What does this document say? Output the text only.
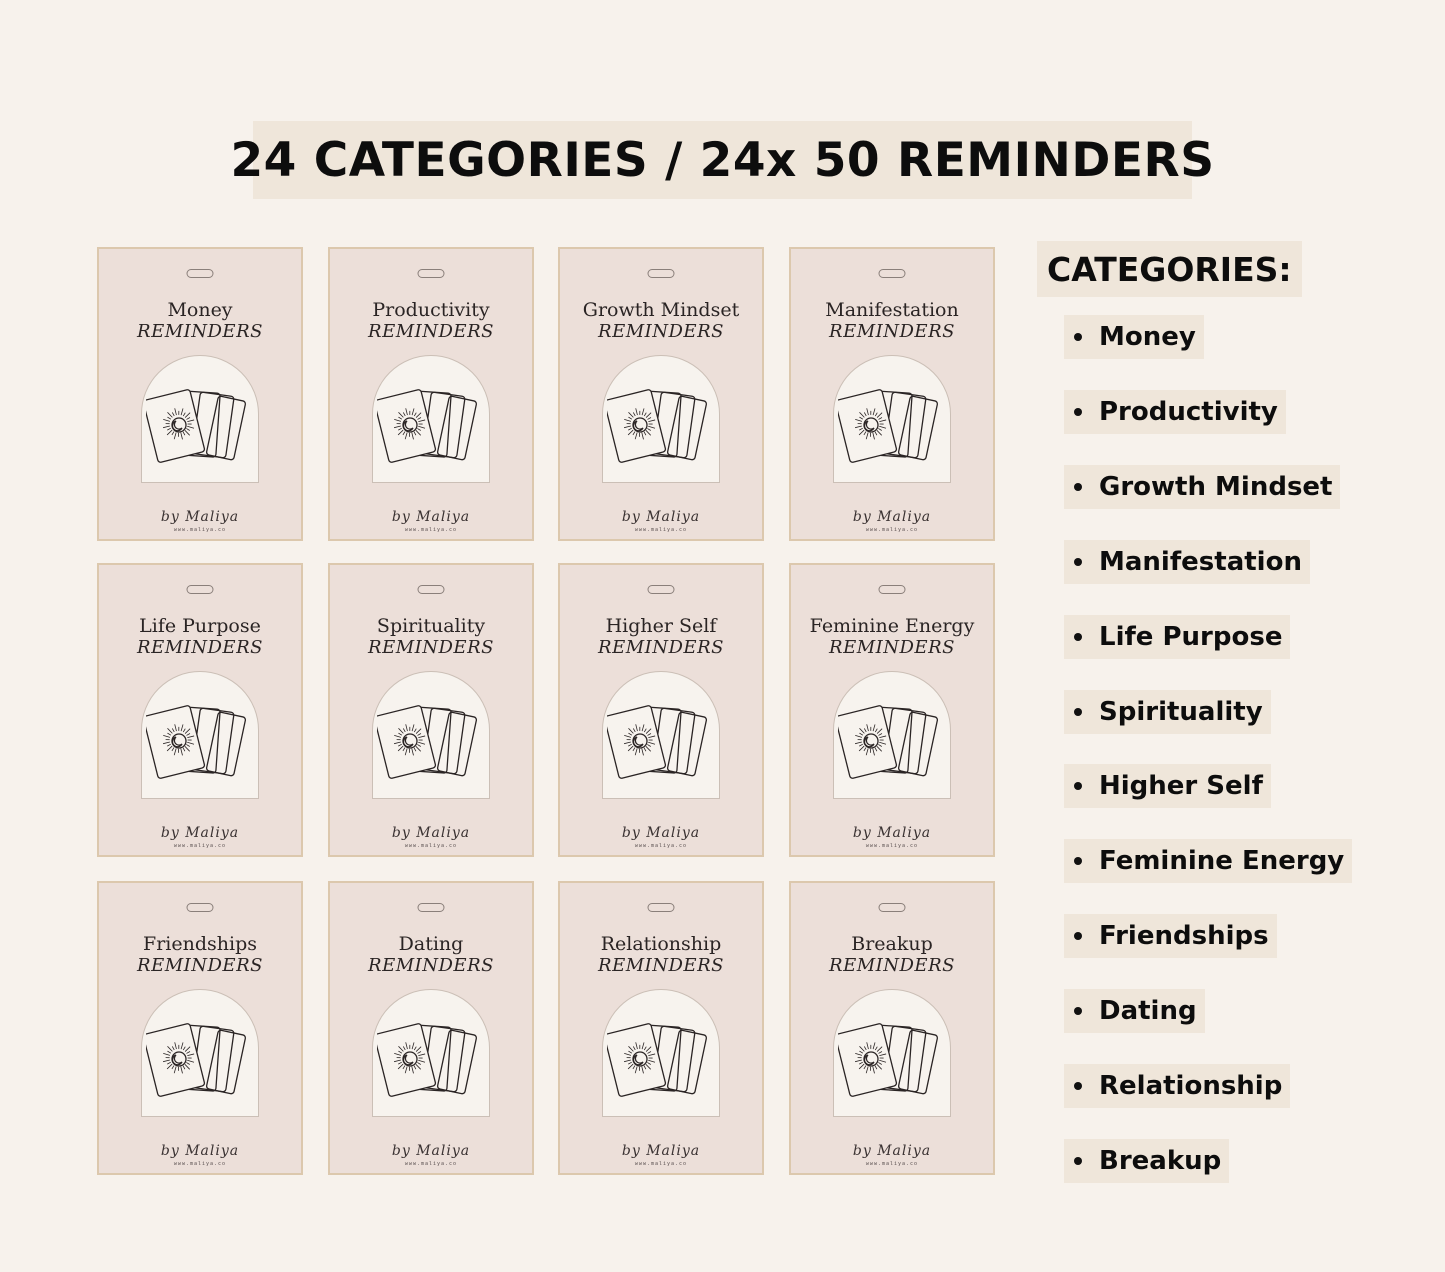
24 CATEGORIES / 24x 50 REMINDERS
Money
REMINDERS
by Maliya
www.maliya.co
Productivity
REMINDERS
by Maliya
www.maliya.co
Growth Mindset
REMINDERS
by Maliya
www.maliya.co
Manifestation
REMINDERS
by Maliya
www.maliya.co
Life Purpose
REMINDERS
by Maliya
www.maliya.co
Spirituality
REMINDERS
by Maliya
www.maliya.co
Higher Self
REMINDERS
by Maliya
www.maliya.co
Feminine Energy
REMINDERS
by Maliya
www.maliya.co
Friendships
REMINDERS
by Maliya
www.maliya.co
Dating
REMINDERS
by Maliya
www.maliya.co
Relationship
REMINDERS
by Maliya
www.maliya.co
Breakup
REMINDERS
by Maliya
www.maliya.co
CATEGORIES:
Money
Productivity
Growth Mindset
Manifestation
Life Purpose
Spirituality
Higher Self
Feminine Energy
Friendships
Dating
Relationship
Breakup
